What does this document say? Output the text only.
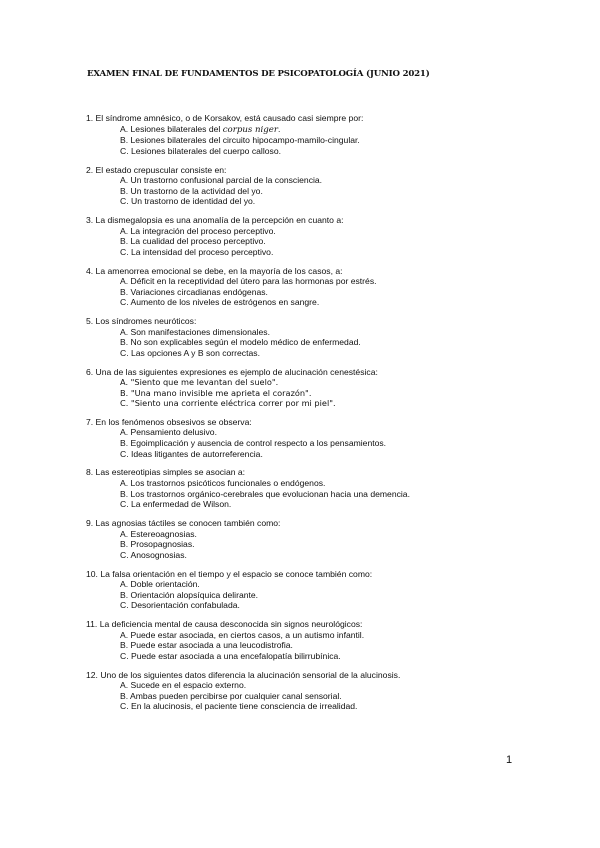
EXAMEN FINAL DE FUNDAMENTOS DE PSICOPATOLOGÍA (JUNIO 2021)
1. El síndrome amnésico, o de Korsakov, está causado casi siempre por:
A. Lesiones bilaterales del corpus niger.
B. Lesiones bilaterales del circuito hipocampo-mamilo-cingular.
C. Lesiones bilaterales del cuerpo calloso.
2. El estado crepuscular consiste en:
A. Un trastorno confusional parcial de la consciencia.
B. Un trastorno de la actividad del yo.
C. Un trastorno de identidad del yo.
3. La dismegalopsia es una anomalía de la percepción en cuanto a:
A. La integración del proceso perceptivo.
B. La cualidad del proceso perceptivo.
C. La intensidad del proceso perceptivo.
4. La amenorrea emocional se debe, en la mayoría de los casos, a:
A. Déficit en la receptividad del útero para las hormonas por estrés.
B. Variaciones circadianas endógenas.
C. Aumento de los niveles de estrógenos en sangre.
5. Los síndromes neuróticos:
A. Son manifestaciones dimensionales.
B. No son explicables según el modelo médico de enfermedad.
C. Las opciones A y B son correctas.
6. Una de las siguientes expresiones es ejemplo de alucinación cenestésica:
A. "Siento que me levantan del suelo".
B. "Una mano invisible me aprieta el corazón".
C. "Siento una corriente eléctrica correr por mi piel".
7. En los fenómenos obsesivos se observa:
A. Pensamiento delusivo.
B. Egoimplicación y ausencia de control respecto a los pensamientos.
C. Ideas litigantes de autorreferencia.
8. Las estereotipias simples se asocian a:
A. Los trastornos psicóticos funcionales o endógenos.
B. Los trastornos orgánico-cerebrales que evolucionan hacia una demencia.
C. La enfermedad de Wilson.
9. Las agnosias táctiles se conocen también como:
A. Estereoagnosias.
B. Prosopagnosias.
C. Anosognosias.
10. La falsa orientación en el tiempo y el espacio se conoce también como:
A. Doble orientación.
B. Orientación alopsíquica delirante.
C. Desorientación confabulada.
11. La deficiencia mental de causa desconocida sin signos neurológicos:
A. Puede estar asociada, en ciertos casos, a un autismo infantil.
B. Puede estar asociada a una leucodistrofia.
C. Puede estar asociada a una encefalopatía bilirrubínica.
12. Uno de los siguientes datos diferencia la alucinación sensorial de la alucinosis.
A. Sucede en el espacio externo.
B. Ambas pueden percibirse por cualquier canal sensorial.
C. En la alucinosis, el paciente tiene consciencia de irrealidad.
1
